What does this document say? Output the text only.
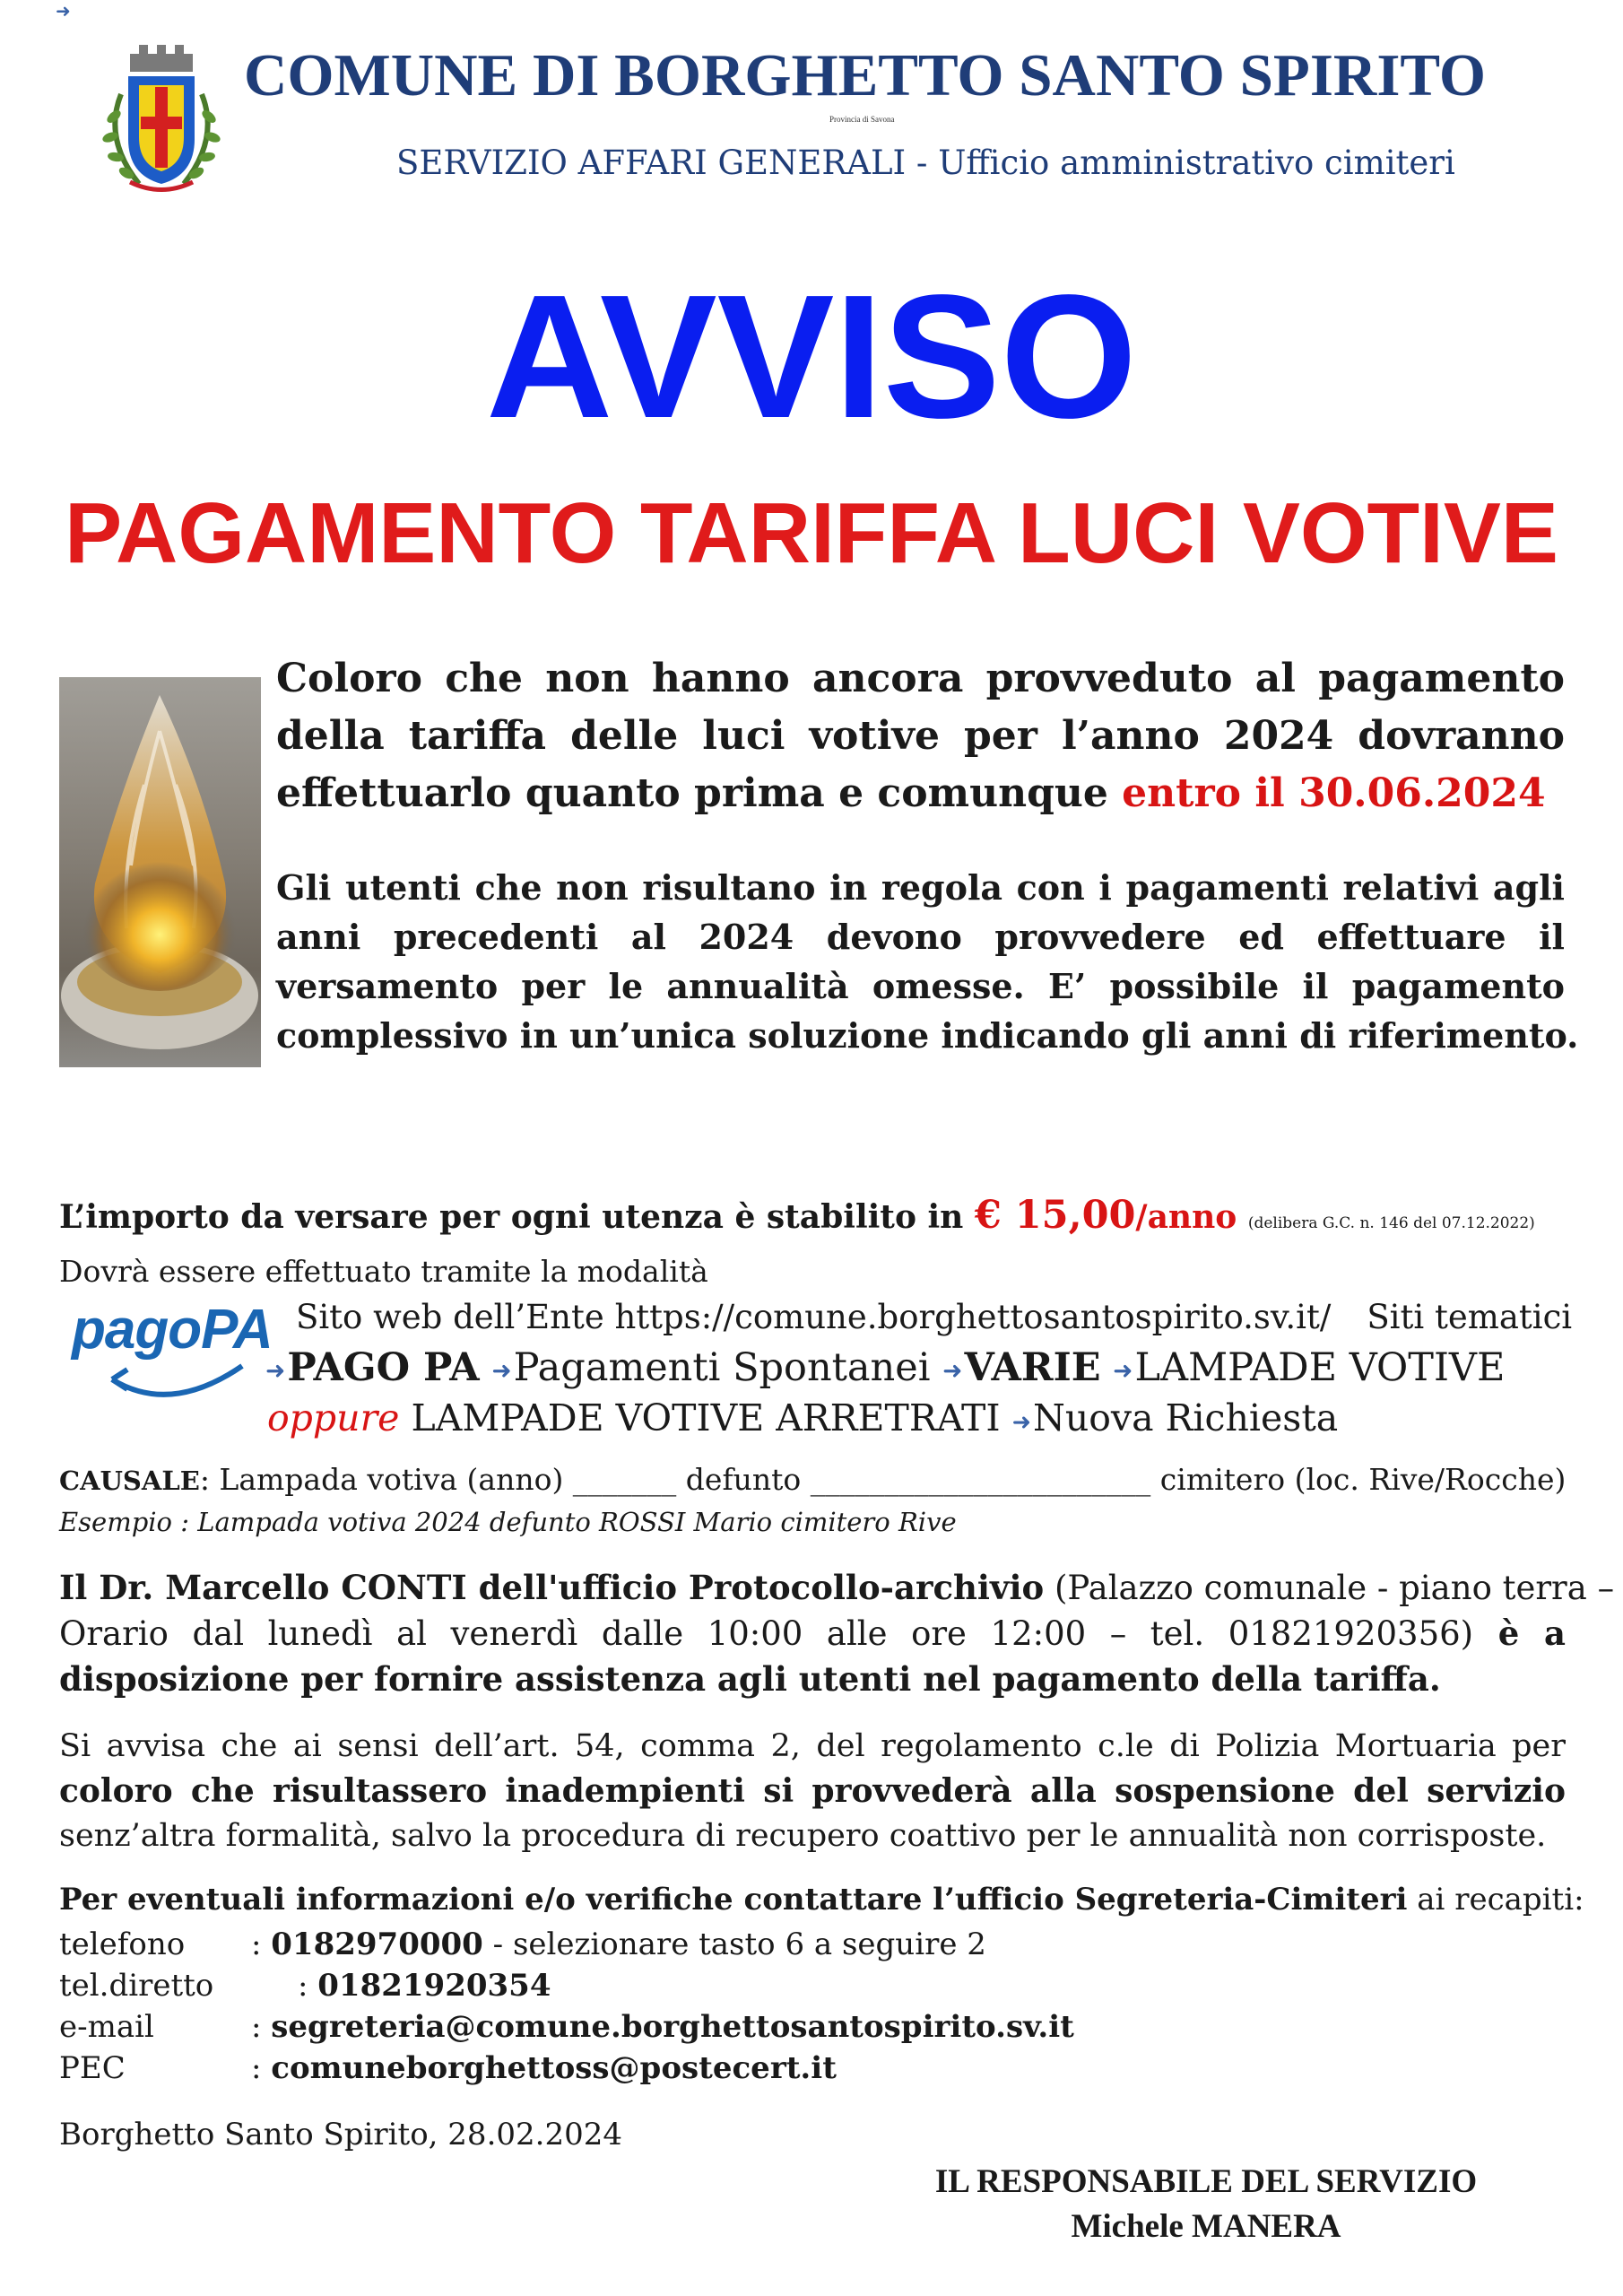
➜
COMUNE DI BORGHETTO SANTO SPIRITO
Provincia di Savona
SERVIZIO AFFARI GENERALI - Ufficio amministrativo cimiteri
AVVISO
PAGAMENTO TARIFFA LUCI VOTIVE
Coloro che non hanno ancora provveduto al pagamento
della tariffa delle luci votive per l’anno 2024 dovranno
effettuarlo quanto prima e comunque entro il 30.06.2024
Gli utenti che non risultano in regola con i pagamenti relativi agli
anni precedenti al 2024 devono provvedere ed effettuare il
versamento per le annualità omesse. E’ possibile il pagamento
complessivo in un’unica soluzione indicando gli anni di riferimento.
L’importo da versare per ogni utenza è stabilito in € 15,00/anno (delibera G.C. n. 146 del 07.12.2022)
Dovrà essere effettuato tramite la modalità
pagoPA Sito web dell’Ente https://comune.borghettosantospirito.sv.it/ Siti tematici
➜PAGO PA ➜Pagamenti Spontanei ➜VARIE ➜LAMPADE VOTIVE
oppure LAMPADE VOTIVE ARRETRATI ➜Nuova Richiesta
CAUSALE: Lampada votiva (anno) _______ defunto _______________________ cimitero (loc. Rive/Rocche)
Esempio : Lampada votiva 2024 defunto ROSSI Mario cimitero Rive
Il Dr. Marcello CONTI dell'ufficio Protocollo-archivio (Palazzo comunale - piano terra –
Orario dal lunedì al venerdì dalle 10:00 alle ore 12:00 – tel. 01821920356) è a
disposizione per fornire assistenza agli utenti nel pagamento della tariffa.
Si avvisa che ai sensi dell’art. 54, comma 2, del regolamento c.le di Polizia Mortuaria per
coloro che risultassero inadempienti si provvederà alla sospensione del servizio
senz’altra formalità, salvo la procedura di recupero coattivo per le annualità non corrisposte.
Per eventuali informazioni e/o verifiche contattare l’ufficio Segreteria-Cimiteri ai recapiti:
telefono : 0182970000 - selezionare tasto 6 a seguire 2
tel.diretto	: 01821920354
e-mail	: segreteria@comune.borghettosantospirito.sv.it
PEC	: comuneborghettoss@postecert.it
Borghetto Santo Spirito, 28.02.2024
IL RESPONSABILE DEL SERVIZIO
Michele MANERA
